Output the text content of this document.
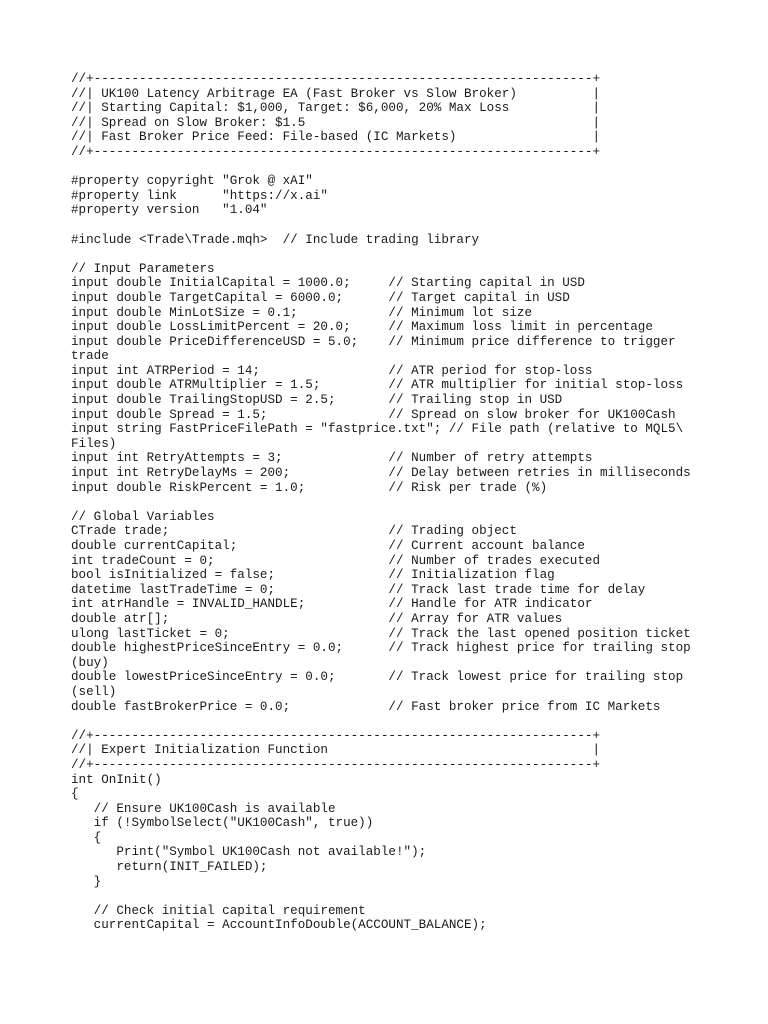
//+------------------------------------------------------------------+
//| UK100 Latency Arbitrage EA (Fast Broker vs Slow Broker)          |
//| Starting Capital: $1,000, Target: $6,000, 20% Max Loss           |
//| Spread on Slow Broker: $1.5                                      |
//| Fast Broker Price Feed: File-based (IC Markets)                  |
//+------------------------------------------------------------------+
#property copyright "Grok @ xAI"
#property link      "https://x.ai"
#property version   "1.04"
#include <Trade\Trade.mqh>  // Include trading library
// Input Parameters
input double InitialCapital = 1000.0;     // Starting capital in USD
input double TargetCapital = 6000.0;      // Target capital in USD
input double MinLotSize = 0.1;            // Minimum lot size
input double LossLimitPercent = 20.0;     // Maximum loss limit in percentage
input double PriceDifferenceUSD = 5.0;    // Minimum price difference to trigger
trade
input int ATRPeriod = 14;                 // ATR period for stop-loss
input double ATRMultiplier = 1.5;         // ATR multiplier for initial stop-loss
input double TrailingStopUSD = 2.5;       // Trailing stop in USD
input double Spread = 1.5;                // Spread on slow broker for UK100Cash
input string FastPriceFilePath = "fastprice.txt"; // File path (relative to MQL5\
Files)
input int RetryAttempts = 3;              // Number of retry attempts
input int RetryDelayMs = 200;             // Delay between retries in milliseconds
input double RiskPercent = 1.0;           // Risk per trade (%)
// Global Variables
CTrade trade;                             // Trading object
double currentCapital;                    // Current account balance
int tradeCount = 0;                       // Number of trades executed
bool isInitialized = false;               // Initialization flag
datetime lastTradeTime = 0;               // Track last trade time for delay
int atrHandle = INVALID_HANDLE;           // Handle for ATR indicator
double atr[];                             // Array for ATR values
ulong lastTicket = 0;                     // Track the last opened position ticket
double highestPriceSinceEntry = 0.0;      // Track highest price for trailing stop
(buy)
double lowestPriceSinceEntry = 0.0;       // Track lowest price for trailing stop
(sell)
double fastBrokerPrice = 0.0;             // Fast broker price from IC Markets
//+------------------------------------------------------------------+
//| Expert Initialization Function                                   |
//+------------------------------------------------------------------+
int OnInit()
{
// Ensure UK100Cash is available
if (!SymbolSelect("UK100Cash", true))
{
Print("Symbol UK100Cash not available!");
return(INIT_FAILED);
}
// Check initial capital requirement
currentCapital = AccountInfoDouble(ACCOUNT_BALANCE);
